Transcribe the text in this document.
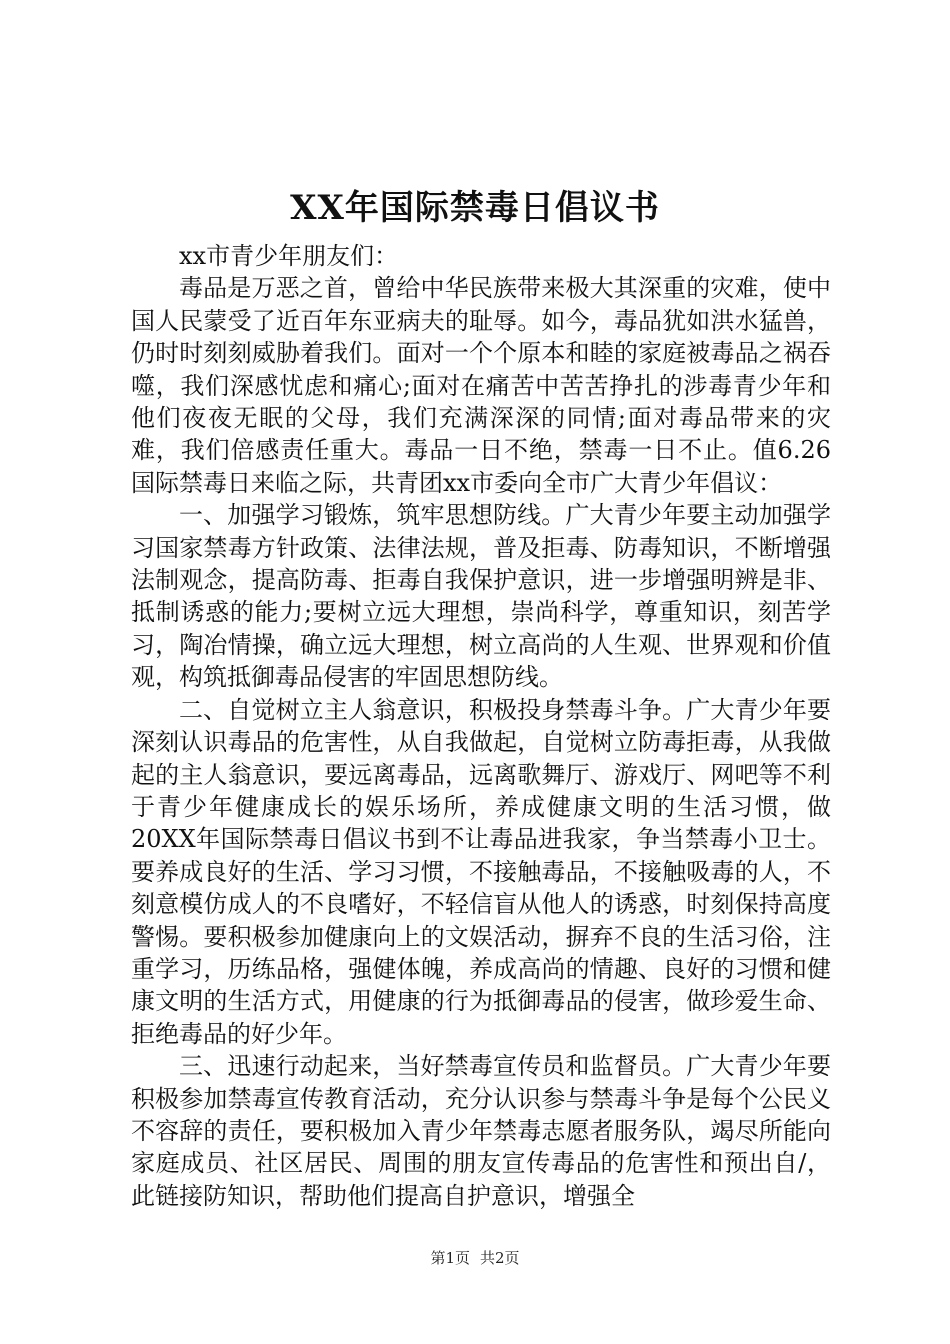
XX年国际禁毒日倡议书

xx市青少年朋友们：

毒品是万恶之首，曾给中华民族带来极大其深重的灾难，使中国人民蒙受了近百年东亚病夫的耻辱。如今，毒品犹如洪水猛兽，仍时时刻刻威胁着我们。面对一个个原本和睦的家庭被毒品之祸吞噬，我们深感忧虑和痛心;面对在痛苦中苦苦挣扎的涉毒青少年和他们夜夜无眠的父母，我们充满深深的同情;面对毒品带来的灾难，我们倍感责任重大。毒品一日不绝，禁毒一日不止。值6.26国际禁毒日来临之际，共青团xx市委向全市广大青少年倡议：

一、加强学习锻炼，筑牢思想防线。广大青少年要主动加强学习国家禁毒方针政策、法律法规，普及拒毒、防毒知识，不断增强法制观念，提高防毒、拒毒自我保护意识，进一步增强明辨是非、抵制诱惑的能力;要树立远大理想，崇尚科学，尊重知识，刻苦学习，陶冶情操，确立远大理想，树立高尚的人生观、世界观和价值观，构筑抵御毒品侵害的牢固思想防线。

二、自觉树立主人翁意识，积极投身禁毒斗争。广大青少年要深刻认识毒品的危害性，从自我做起，自觉树立防毒拒毒，从我做起的主人翁意识，要远离毒品，远离歌舞厅、游戏厅、网吧等不利于青少年健康成长的娱乐场所，养成健康文明的生活习惯，做20XX年国际禁毒日倡议书到不让毒品进我家，争当禁毒小卫士。要养成良好的生活、学习习惯，不接触毒品，不接触吸毒的人，不刻意模仿成人的不良嗜好，不轻信盲从他人的诱惑，时刻保持高度警惕。要积极参加健康向上的文娱活动，摒弃不良的生活习俗，注重学习，历练品格，强健体魄，养成高尚的情趣、良好的习惯和健康文明的生活方式，用健康的行为抵御毒品的侵害，做珍爱生命、拒绝毒品的好少年。

三、迅速行动起来，当好禁毒宣传员和监督员。广大青少年要积极参加禁毒宣传教育活动，充分认识参与禁毒斗争是每个公民义不容辞的责任，要积极加入青少年禁毒志愿者服务队，竭尽所能向家庭成员、社区居民、周围的朋友宣传毒品的危害性和预出自/，此链接防知识，帮助他们提高自护意识，增强全

第1页 共2页
